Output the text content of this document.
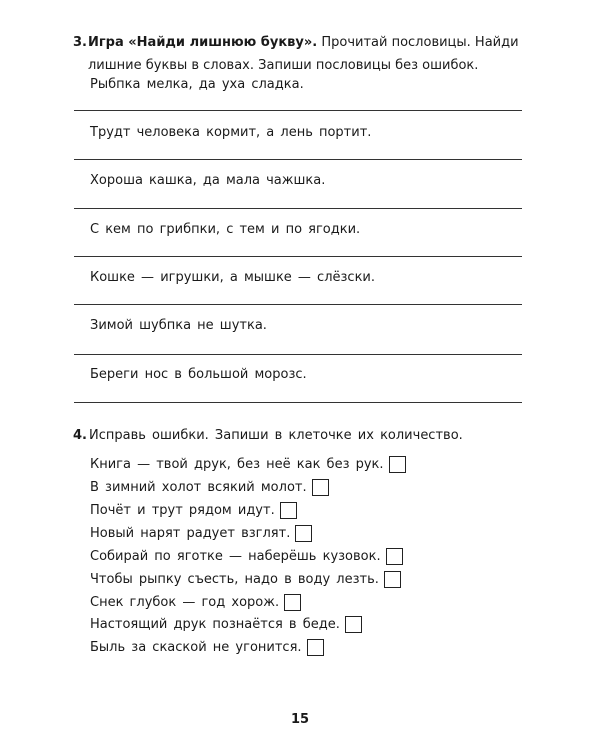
3. Игра «Найди лишнюю букву». Прочитай пословицы. Найди
лишние буквы в словах. Запиши пословицы без ошибок.
Рыбпка мелка, да уха сладка.
Трудт человека кормит, а лень портит.
Хороша кашка, да мала чажшка.
С кем по грибпки, с тем и по ягодки.
Кошке — игрушки, а мышке — слёзски.
Зимой шубпка не шутка.
Береги нос в большой морозс.
4. Исправь ошибки. Запиши в клеточке их количество.
Книга — твой друк, без неё как без рук.
В зимний холот всякий молот.
Почёт и трут рядом идут.
Новый нарят радует взглят.
Собирай по яготке — наберёшь кузовок.
Чтобы рыпку съесть, надо в воду лезть.
Снек глубок — год хорож.
Настоящий друк познаётся в беде.
Быль за скаской не угонится.
15
